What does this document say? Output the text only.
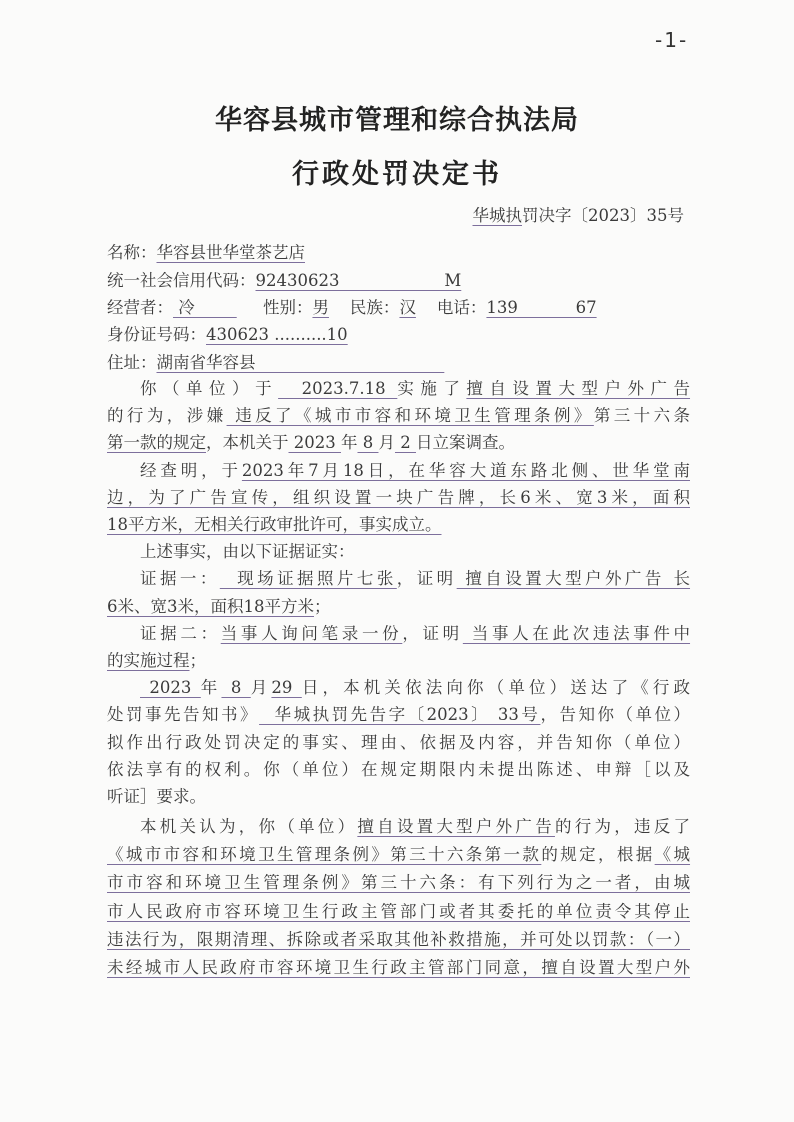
-1-
华容县城市管理和综合执法局
行政处罚决定书
华城执罚决字〔2023〕35号
名称：华容县世华堂茶艺店
统一社会信用代码：92430623                    M
经营者： 冷             性别：男    民族：汉    电话：139           67
身份证号码：430623 ..........10
住址：湖南省华容县
你（单位）于  2023.7.18 实施了擅自设置大型户外广告
的行为，涉嫌 违反了《城市市容和环境卫生管理条例》第三十六条
第一款的规定，本机关于 2023 年 8 月 2 日立案调查。
经查明，于2023年7月18日，在华容大道东路北侧、世华堂南
边，为了广告宣传，组织设置一块广告牌，长6米、宽3米，面积
18平方米，无相关行政审批许可，事实成立。
上述事实，由以下证据证实：
证据一：  现场证据照片七张，证明 擅自设置大型户外广告 长
6米、宽3米，面积18平方米；
证据二：当事人询问笔录一份，证明 当事人在此次违法事件中
的实施过程；
2023 年 8 月29 日，本机关依法向你（单位）送达了《行政
处罚事先告知书》  华城执罚先告字〔2023〕 33号，告知你（单位）
拟作出行政处罚决定的事实、理由、依据及内容，并告知你（单位）
依法享有的权利。你（单位）在规定期限内未提出陈述、申辩［以及
听证］要求。
本机关认为，你（单位）擅自设置大型户外广告的行为，违反了
《城市市容和环境卫生管理条例》第三十六条第一款的规定，根据《城
市市容和环境卫生管理条例》第三十六条：有下列行为之一者，由城
市人民政府市容环境卫生行政主管部门或者其委托的单位责令其停止
违法行为，限期清理、拆除或者采取其他补救措施，并可处以罚款：（一）
未经城市人民政府市容环境卫生行政主管部门同意，擅自设置大型户外
